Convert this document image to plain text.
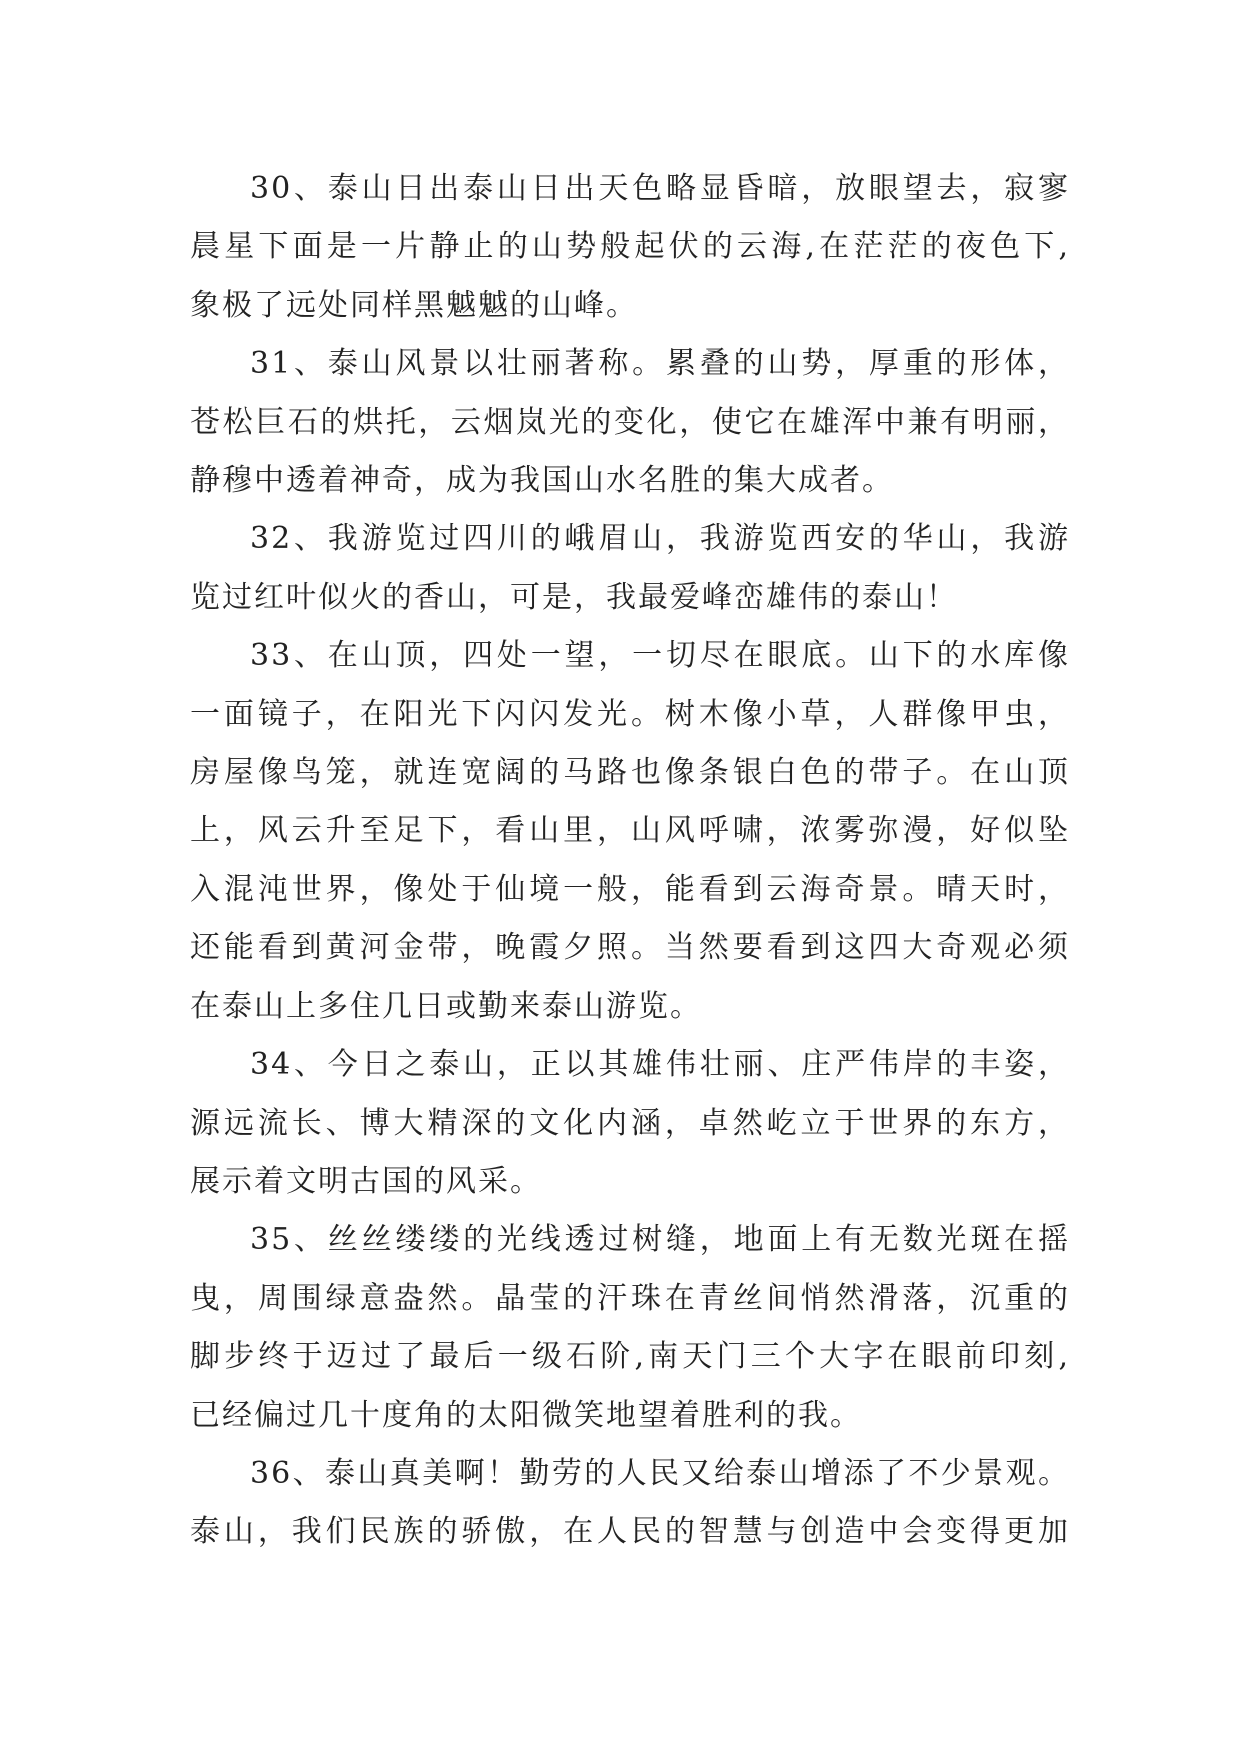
30、泰山日出泰山日出天色略显昏暗，放眼望去，寂寥
晨星下面是一片静止的山势般起伏的云海,在茫茫的夜色下,
象极了远处同样黑魆魆的山峰。

31、泰山风景以壮丽著称。累叠的山势，厚重的形体，
苍松巨石的烘托，云烟岚光的变化，使它在雄浑中兼有明丽，
静穆中透着神奇，成为我国山水名胜的集大成者。

32、我游览过四川的峨眉山，我游览西安的华山，我游
览过红叶似火的香山，可是，我最爱峰峦雄伟的泰山！

33、在山顶，四处一望，一切尽在眼底。山下的水库像
一面镜子，在阳光下闪闪发光。树木像小草，人群像甲虫，
房屋像鸟笼，就连宽阔的马路也像条银白色的带子。在山顶
上，风云升至足下，看山里，山风呼啸，浓雾弥漫，好似坠
入混沌世界，像处于仙境一般，能看到云海奇景。晴天时，
还能看到黄河金带，晚霞夕照。当然要看到这四大奇观必须
在泰山上多住几日或勤来泰山游览。

34、今日之泰山，正以其雄伟壮丽、庄严伟岸的丰姿，
源远流长、博大精深的文化内涵，卓然屹立于世界的东方，
展示着文明古国的风采。

35、丝丝缕缕的光线透过树缝，地面上有无数光斑在摇
曳，周围绿意盎然。晶莹的汗珠在青丝间悄然滑落，沉重的
脚步终于迈过了最后一级石阶,南天门三个大字在眼前印刻,
已经偏过几十度角的太阳微笑地望着胜利的我。

36、泰山真美啊！勤劳的人民又给泰山增添了不少景观。
泰山，我们民族的骄傲，在人民的智慧与创造中会变得更加
